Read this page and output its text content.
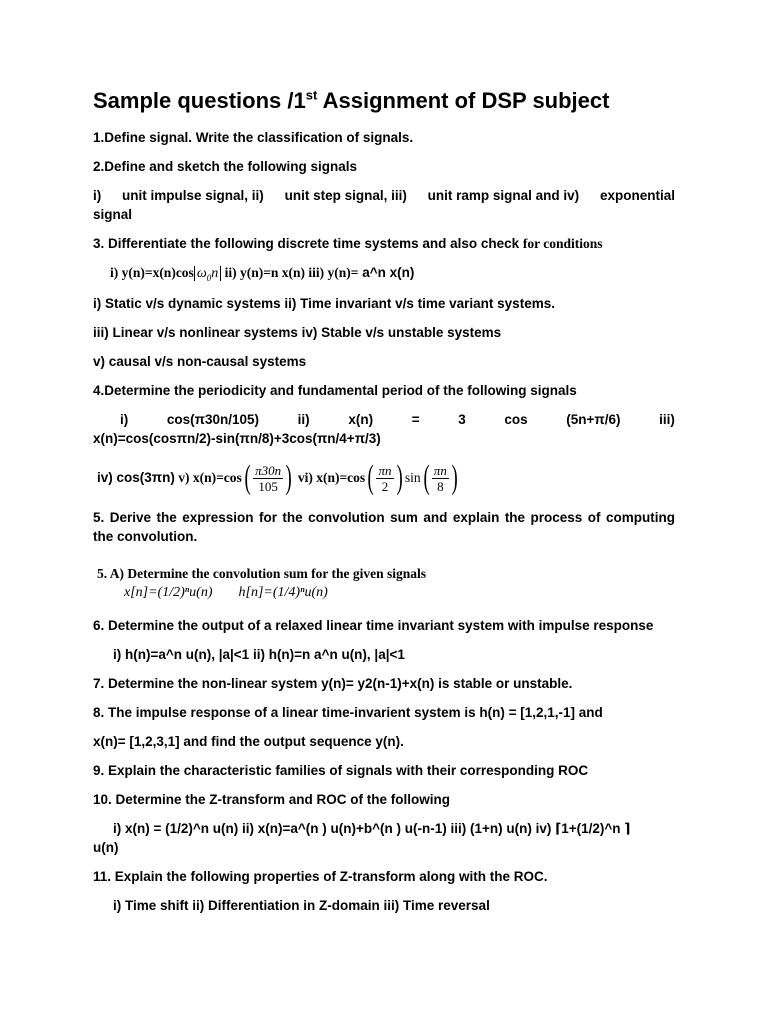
Sample questions /1st Assignment of DSP subject
1.Define signal. Write the classification of signals.
2.Define and sketch the following signals
i) unit impulse signal, ii) unit step signal, iii) unit ramp signal and iv) exponential
signal
3. Differentiate the following discrete time systems and also check for conditions
i) y(n)=x(n)cos $\omega_0n$ ii) y(n)=n x(n) iii) y(n)= a^n x(n)
i) Static v/s dynamic systems ii) Time invariant v/s time variant systems.
iii) Linear v/s nonlinear systems iv) Stable v/s unstable systems
v) causal v/s non-causal systems
4.Determine the periodicity and fundamental period of the following signals
i)	cos(π30n/105)	ii)	x(n)	=	3	cos	(5n+π/6)	iii)
x(n)=cos(cosπn/2)-sin(πn/8)+3cos(πn/4+π/3)
iv) cos(3πn) v) $x(n)=\cos( \frac{\pi 30n}{105}$ ) vi) $x(n)=\cos( \frac{\pi n}{2}$ ) $\sin( \frac{\pi n}{8}$ )
5. Derive the expression for the convolution sum and explain the process of computing the convolution.
5. A) Determine the convolution sum for the given signals
x[n]=(1/2)ⁿu(n) h[n]=(1/4)ⁿu(n)
6. Determine the output of a relaxed linear time invariant system with impulse response
i) h(n)=a^n u(n), |a|<1 ii) h(n)=n a^n u(n), |a|<1
7. Determine the non-linear system y(n)= y2(n-1)+x(n) is stable or unstable.
8. The impulse response of a linear time-invarient system is h(n) = [1,2,1,-1] and
x(n)= [1,2,3,1] and find the output sequence y(n).
9. Explain the characteristic families of signals with their corresponding ROC
10. Determine the Z-transform and ROC of the following
i) x(n) = (1/2)^n u(n) ii) x(n)=a^(n ) u(n)+b^(n ) u(-n-1) iii) (1+n) u(n) iv) ⌈1+(1/2)^n ⌉
u(n)
11. Explain the following properties of Z-transform along with the ROC.
i) Time shift ii) Differentiation in Z-domain iii) Time reversal
